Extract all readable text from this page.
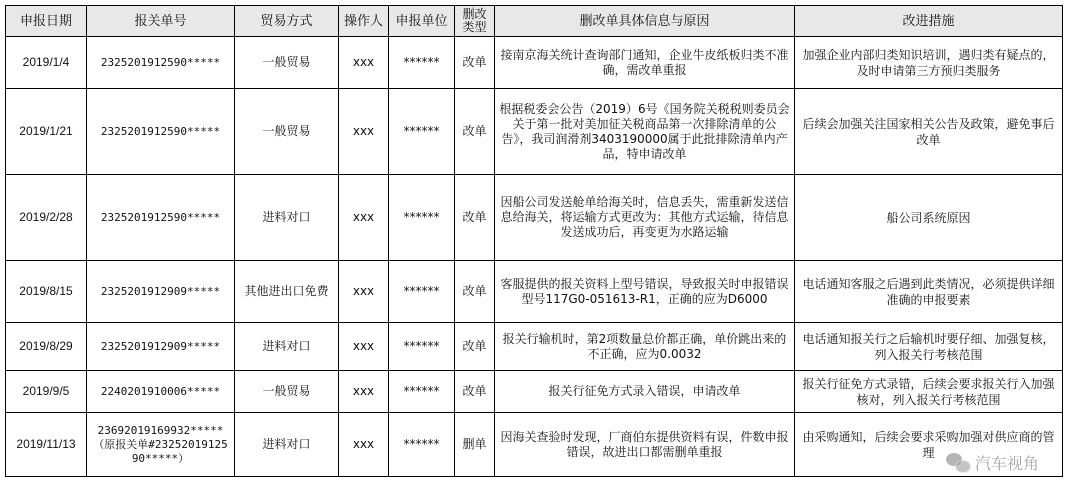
申报日期	报关单号	贸易方式	操作人	申报单位	删改类型	删改单具体信息与原因	改进措施
2019/1/4	2325201912590*****	一般贸易	xxx	******	改单	接南京海关统计查询部门通知，企业牛皮纸板归类不准确，需改单重报	加强企业内部归类知识培训，遇归类有疑点的，及时申请第三方预归类服务
2019/1/21	2325201912590*****	一般贸易	xxx	******	改单	根据税委会公告（2019）6号《国务院关税税则委员会关于第一批对美加征关税商品第一次排除清单的公告》，我司润滑剂3403190000属于此批排除清单内产品，特申请改单	后续会加强关注国家相关公告及政策，避免事后改单
2019/2/28	2325201912590*****	进料对口	xxx	******	改单	因船公司发送舱单给海关时，信息丢失，需重新发送信息给海关，将运输方式更改为：其他方式运输，待信息发送成功后，再变更为水路运输	船公司系统原因
2019/8/15	2325201912909*****	其他进出口免费	xxx	******	改单	客服提供的报关资料上型号错误，导致报关时申报错误型号117G0-051613-R1，正确的应为D6000	电话通知客服之后遇到此类情况，必须提供详细准确的申报要素
2019/8/29	2325201912909*****	进料对口	xxx	******	改单	报关行输机时，第2项数量总价都正确，单价跳出来的不正确，应为0.0032	电话通知报关行之后输机时要仔细、加强复核，列入报关行考核范围
2019/9/5	2240201910006*****	一般贸易	xxx	******	改单	报关行征免方式录入错误，申请改单	报关行征免方式录错，后续会要求报关行入加强核对，列入报关行考核范围
2019/11/13	23692019169932*****（原报关单#2325201912590*****）	进料对口	xxx	******	删单	因海关查验时发现，厂商伯东提供资料有误，件数申报错误，故进出口都需删单重报	由采购通知，后续会要求采购加强对供应商的管理
汽车视角
